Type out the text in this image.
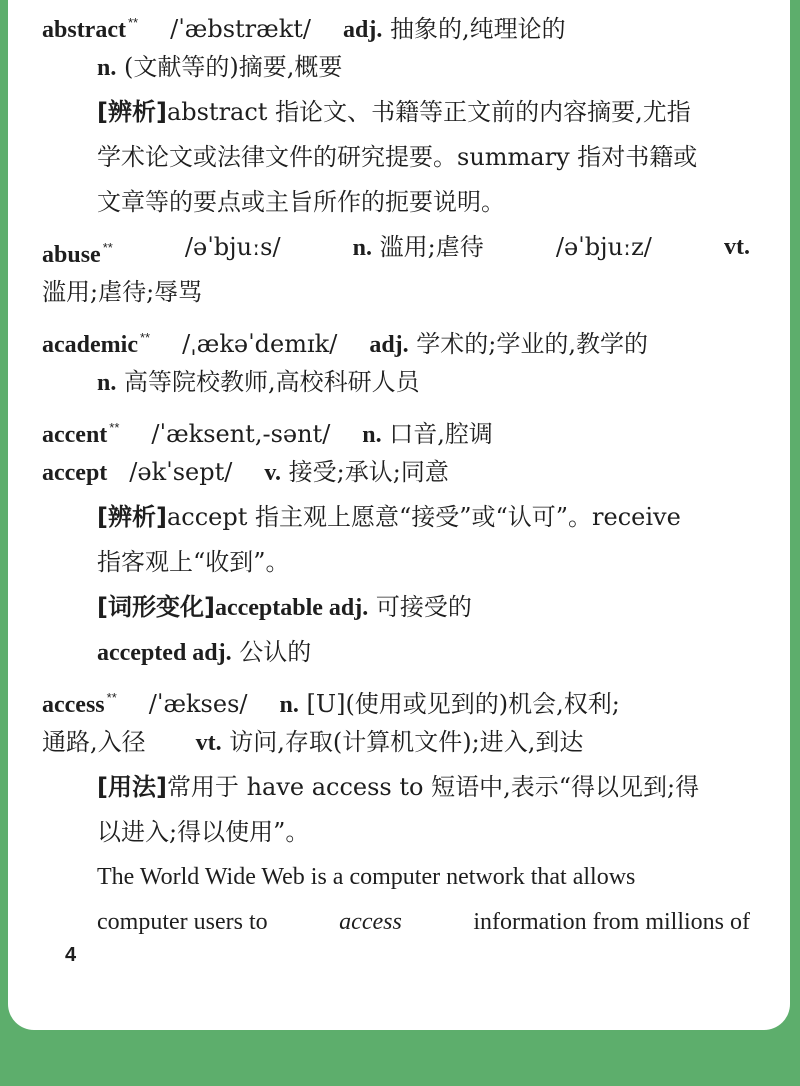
abstract ** /ˈæbstrækt/ adj. 抽象的,纯理论的
n. (文献等的)摘要,概要
[辨析]abstract 指论文、书籍等正文前的内容摘要,尤指
学术论文或法律文件的研究提要。summary 指对书籍或
文章等的要点或主旨所作的扼要说明。
abuse **	/əˈbjuːs/	n. 滥用;虐待	/əˈbjuːz/	vt.
滥用;虐待;辱骂
academic ** /ˌækəˈdemɪk/ adj. 学术的;学业的,教学的
n. 高等院校教师,高校科研人员
accent ** /ˈæksent,-sənt/ n. 口音,腔调
accept /əkˈsept/ v. 接受;承认;同意
[辨析]accept 指主观上愿意“接受”或“认可”。receive
指客观上“收到”。
[词形变化]acceptable adj. 可接受的
accepted adj. 公认的
access ** /ˈækses/ n. [U](使用或见到的)机会,权利;
通路,入径 vt. 访问,存取(计算机文件);进入,到达
[用法]常用于 have access to 短语中,表示“得以见到;得
以进入;得以使用”。
The World Wide Web is a computer network that allows
computer users to	access	information from millions of
4
